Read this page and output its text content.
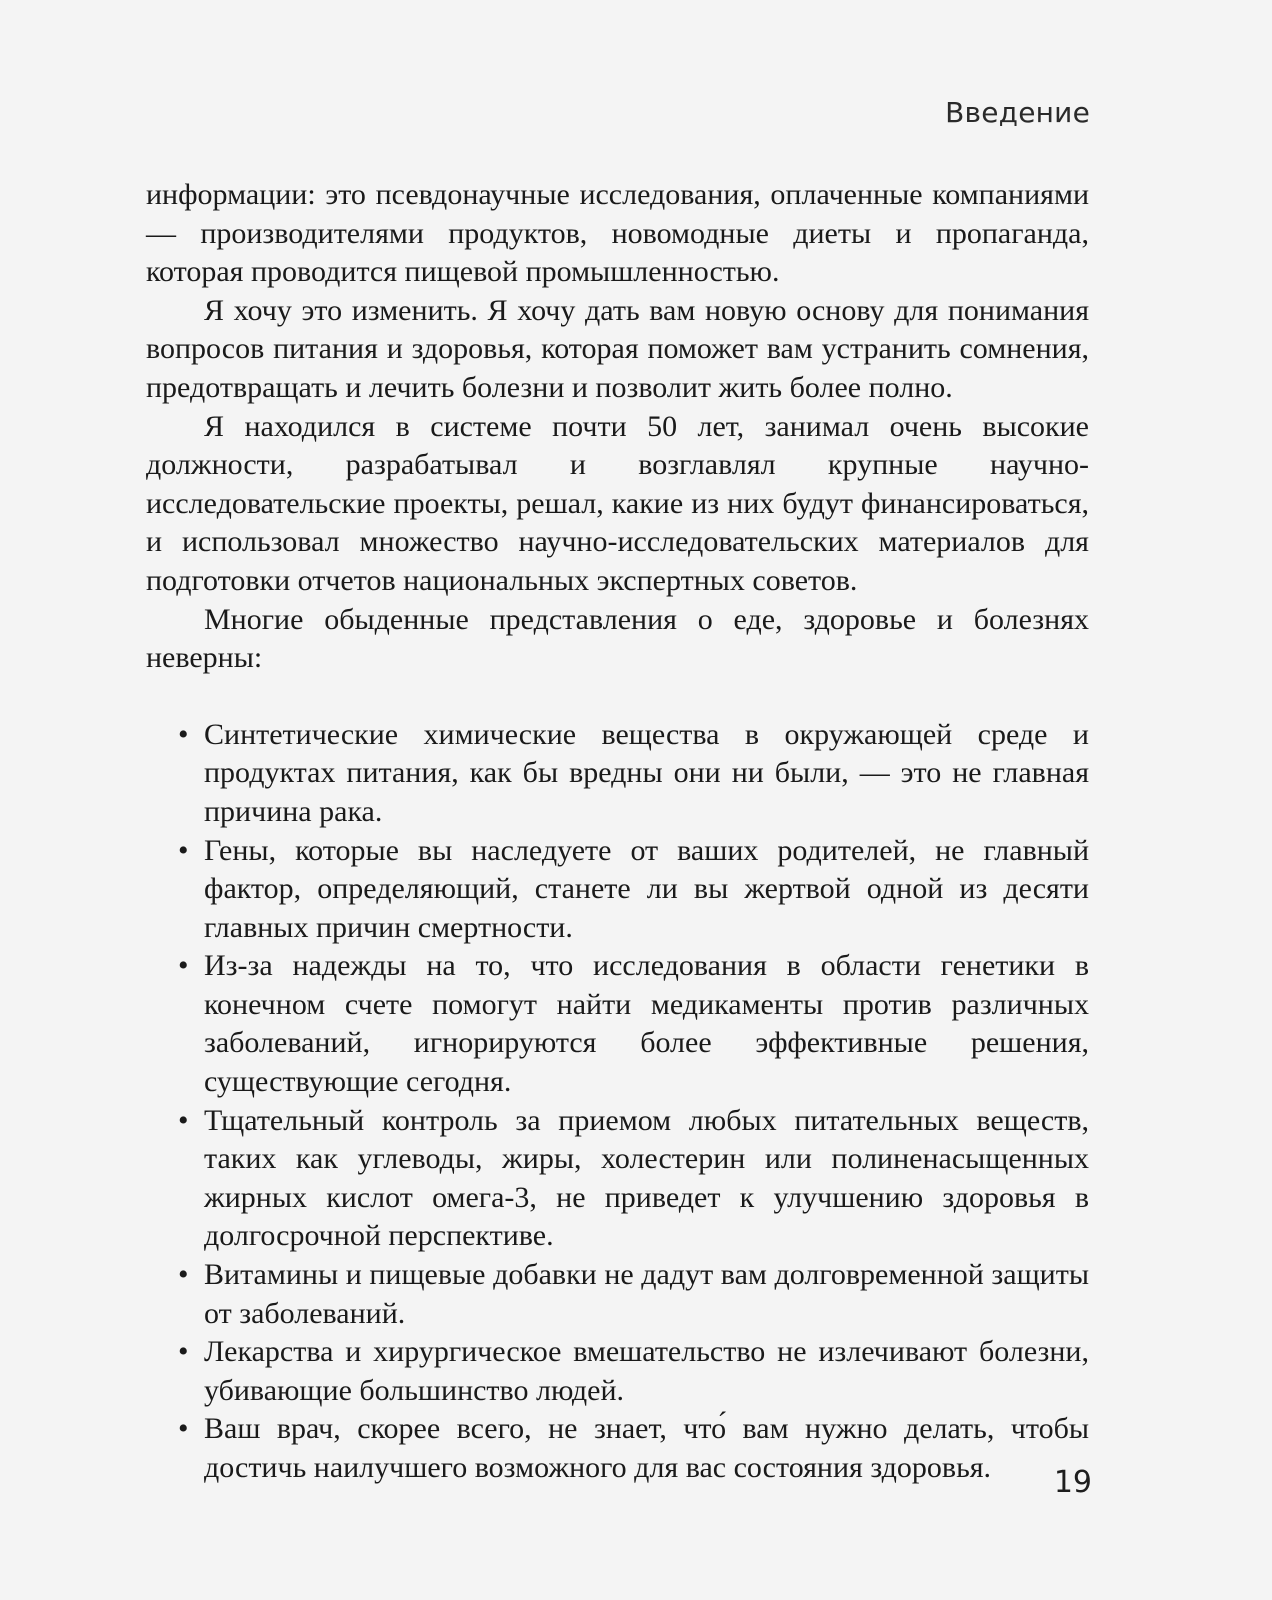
Введение

информации: это псевдонаучные исследования, оплаченные компаниями — производителями продуктов, новомодные диеты и пропаганда, которая проводится пищевой промышленностью.

Я хочу это изменить. Я хочу дать вам новую основу для понимания вопросов питания и здоровья, которая поможет вам устранить сомнения, предотвращать и лечить болезни и позволит жить более полно.

Я находился в системе почти 50 лет, занимал очень высокие должности, разрабатывал и возглавлял крупные научно-исследовательские проекты, решал, какие из них будут финансироваться, и использовал множество научно-исследовательских материалов для подготовки отчетов национальных экспертных советов.

Многие обыденные представления о еде, здоровье и болезнях неверны:

• Синтетические химические вещества в окружающей среде и продуктах питания, как бы вредны они ни были, — это не главная причина рака.
• Гены, которые вы наследуете от ваших родителей, не главный фактор, определяющий, станете ли вы жертвой одной из десяти главных причин смертности.
• Из-за надежды на то, что исследования в области генетики в конечном счете помогут найти медикаменты против различных заболеваний, игнорируются более эффективные решения, существующие сегодня.
• Тщательный контроль за приемом любых питательных веществ, таких как углеводы, жиры, холестерин или полиненасыщенных жирных кислот омега-3, не приведет к улучшению здоровья в долгосрочной перспективе.
• Витамины и пищевые добавки не дадут вам долговременной защиты от заболеваний.
• Лекарства и хирургическое вмешательство не излечивают болезни, убивающие большинство людей.
• Ваш врач, скорее всего, не знает, что́ вам нужно делать, чтобы достичь наилучшего возможного для вас состояния здоровья.	19
